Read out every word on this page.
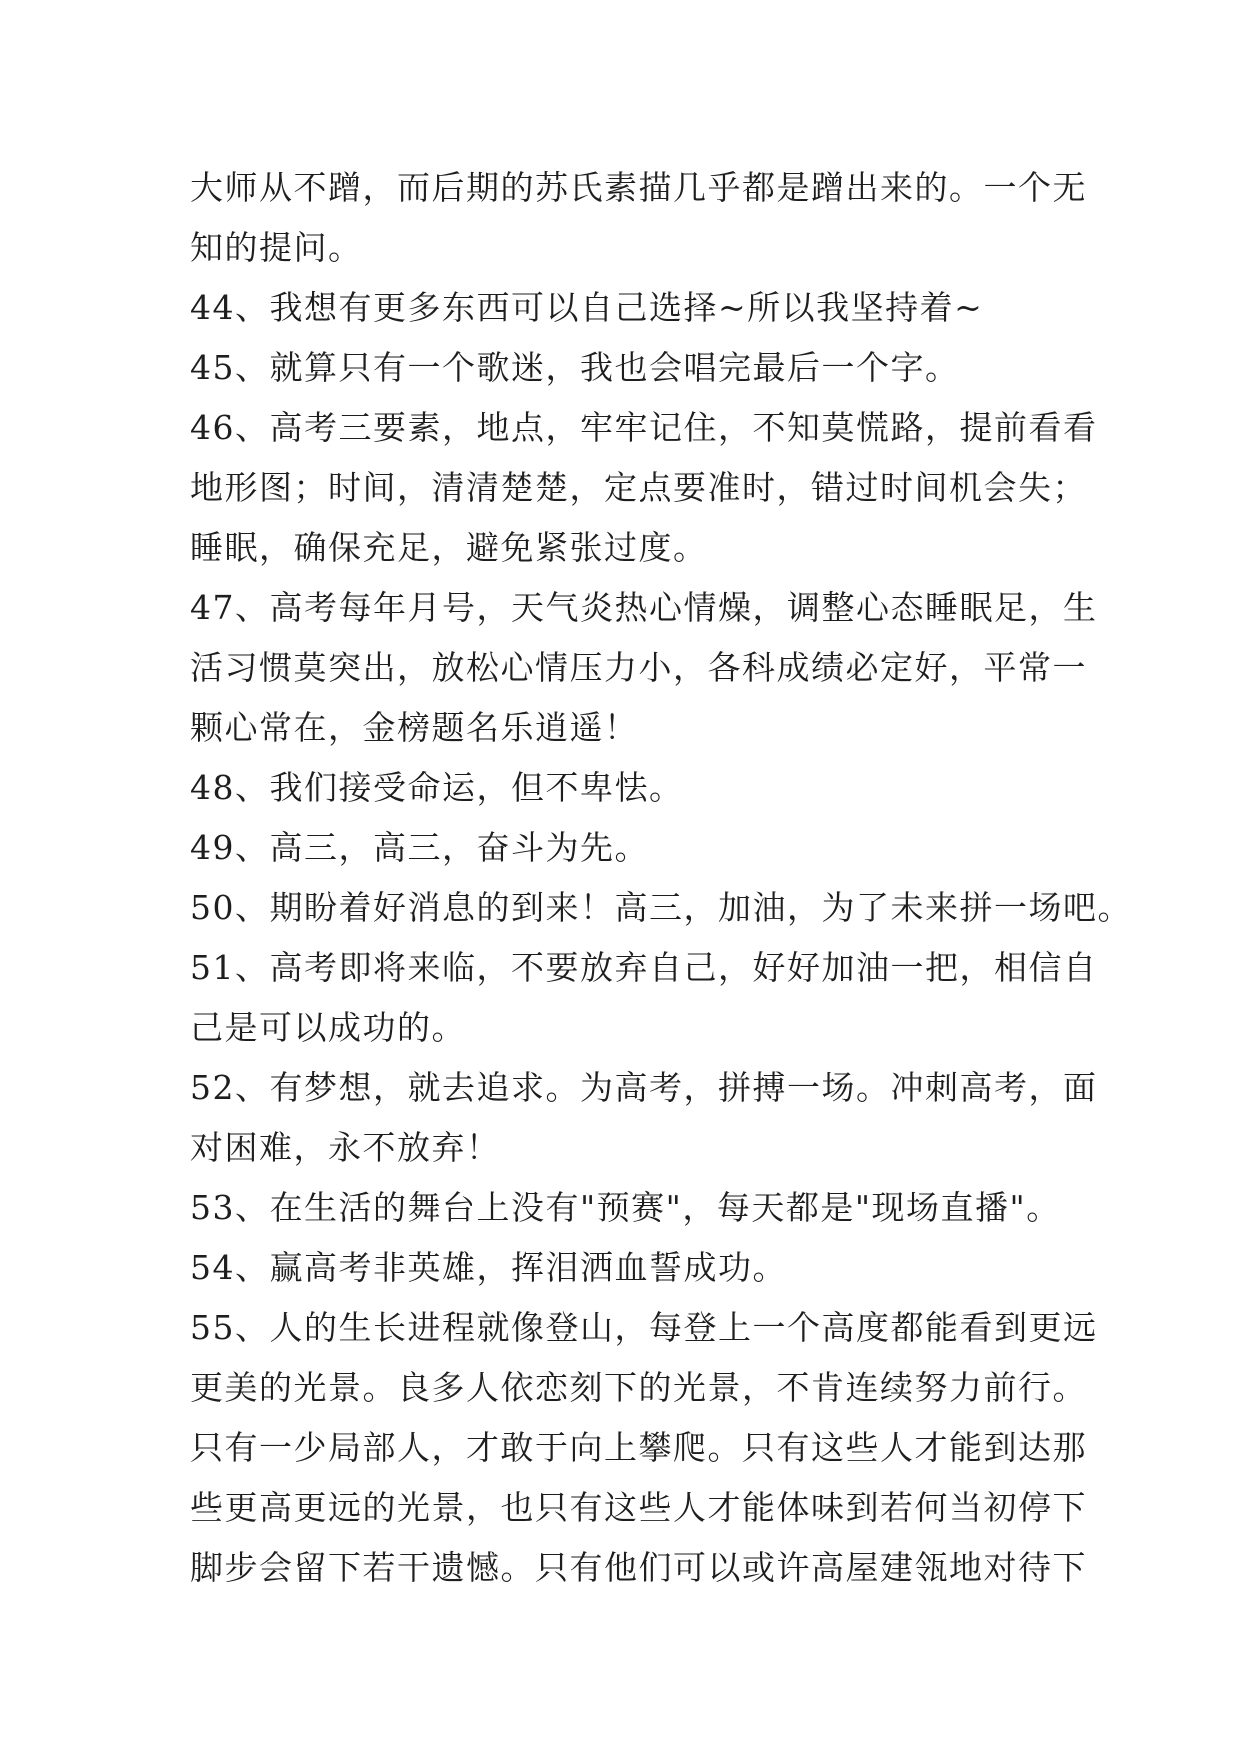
大师从不蹭，而后期的苏氏素描几乎都是蹭出来的。一个无
知的提问。
44、我想有更多东西可以自己选择~所以我坚持着~
45、就算只有一个歌迷，我也会唱完最后一个字。
46、高考三要素，地点，牢牢记住，不知莫慌路，提前看看
地形图；时间，清清楚楚，定点要准时，错过时间机会失；
睡眠，确保充足，避免紧张过度。
47、高考每年月号，天气炎热心情燥，调整心态睡眠足，生
活习惯莫突出，放松心情压力小，各科成绩必定好，平常一
颗心常在，金榜题名乐逍遥！
48、我们接受命运，但不卑怯。
49、高三，高三，奋斗为先。
50、期盼着好消息的到来！高三，加油，为了未来拼一场吧。
51、高考即将来临，不要放弃自己，好好加油一把，相信自
己是可以成功的。
52、有梦想，就去追求。为高考，拼搏一场。冲刺高考，面
对困难，永不放弃！
53、在生活的舞台上没有"预赛"，每天都是"现场直播"。
54、赢高考非英雄，挥泪洒血誓成功。
55、人的生长进程就像登山，每登上一个高度都能看到更远
更美的光景。良多人依恋刻下的光景，不肯连续努力前行。
只有一少局部人，才敢于向上攀爬。只有这些人才能到达那
些更高更远的光景，也只有这些人才能体味到若何当初停下
脚步会留下若干遗憾。只有他们可以或许高屋建瓴地对待下
